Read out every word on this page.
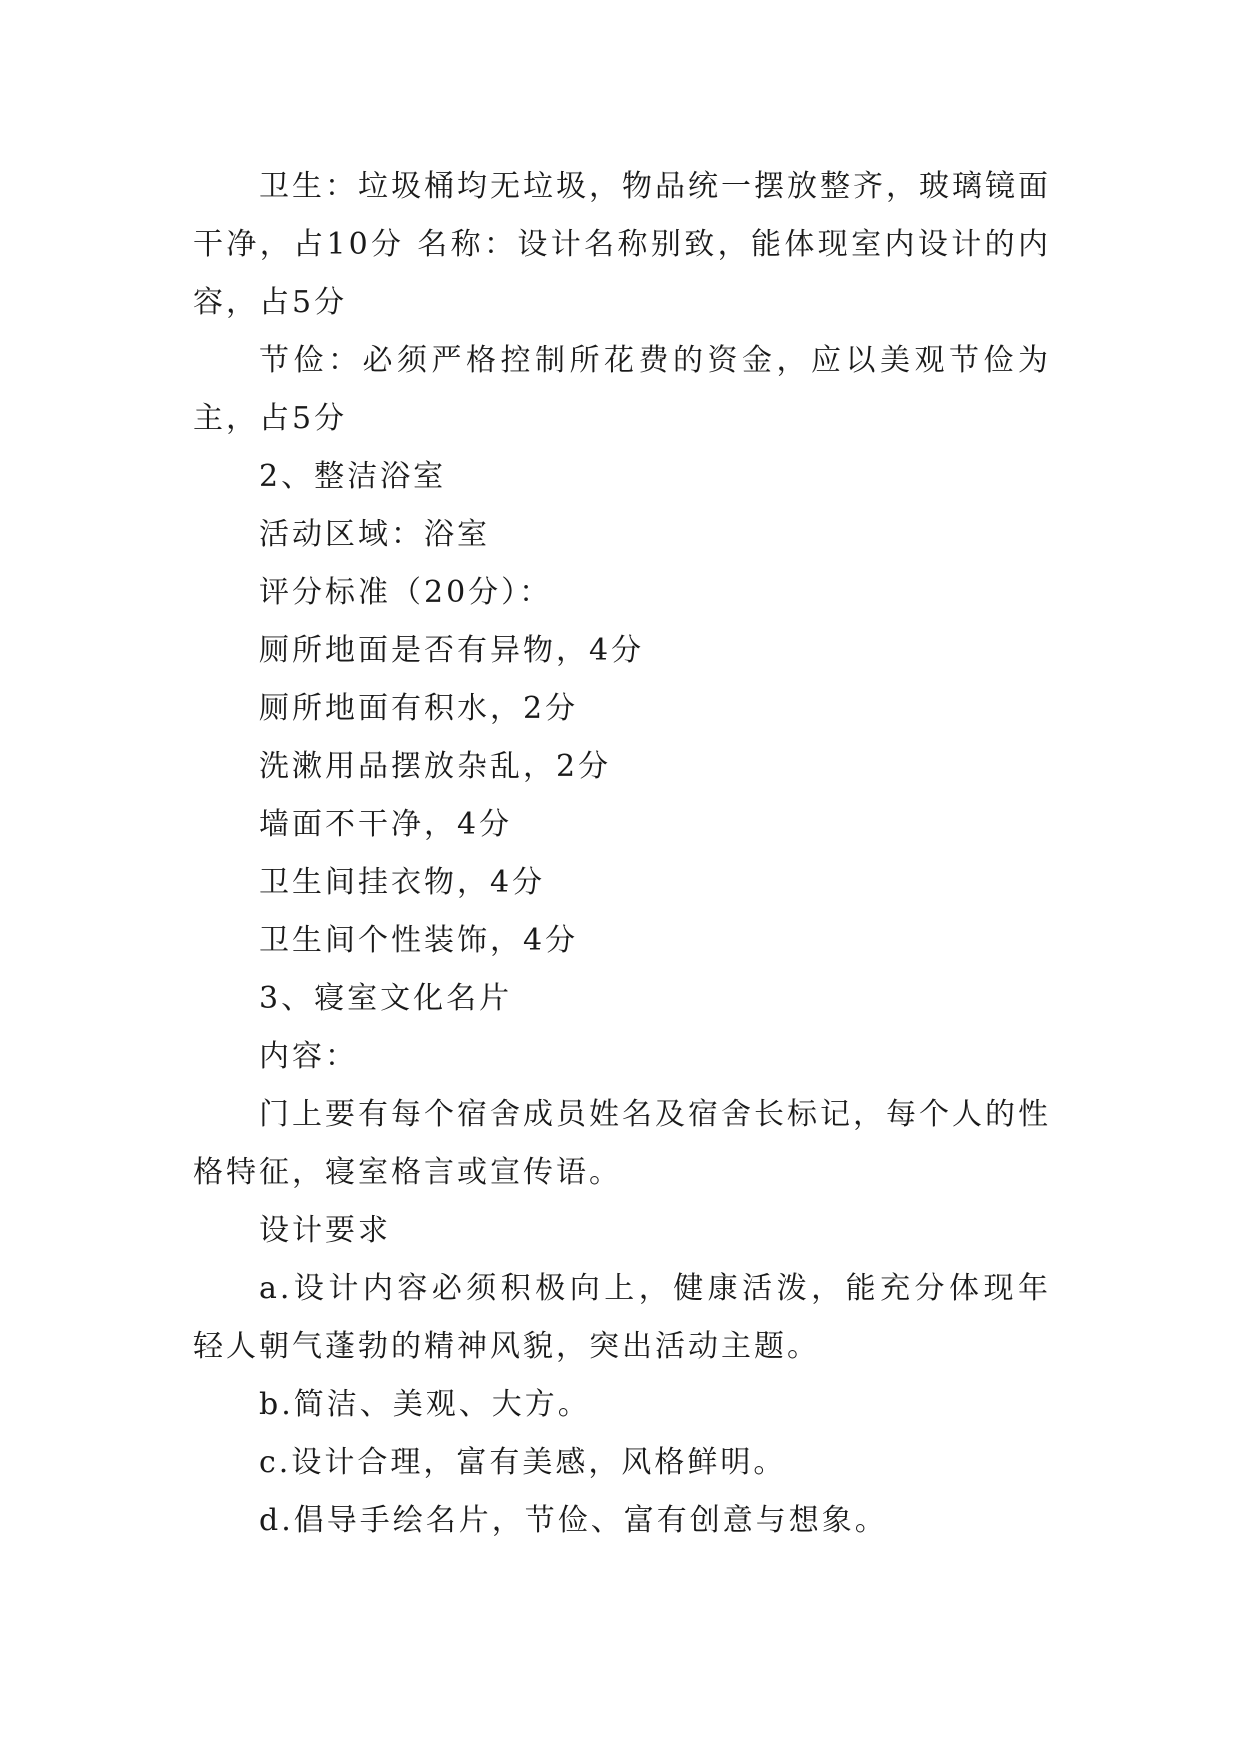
卫生：垃圾桶均无垃圾，物品统一摆放整齐，玻璃镜面干净，占10分 名称：设计名称别致，能体现室内设计的内容，占5分

节俭：必须严格控制所花费的资金，应以美观节俭为主，占5分

2、整洁浴室

活动区域：浴室

评分标准（20分）：

厕所地面是否有异物，4分

厕所地面有积水，2分

洗漱用品摆放杂乱，2分

墙面不干净，4分

卫生间挂衣物，4分

卫生间个性装饰，4分

3、寝室文化名片

内容：

门上要有每个宿舍成员姓名及宿舍长标记，每个人的性格特征，寝室格言或宣传语。

设计要求

a.设计内容必须积极向上，健康活泼，能充分体现年轻人朝气蓬勃的精神风貌，突出活动主题。

b.简洁、美观、大方。

c.设计合理，富有美感，风格鲜明。

d.倡导手绘名片，节俭、富有创意与想象。
